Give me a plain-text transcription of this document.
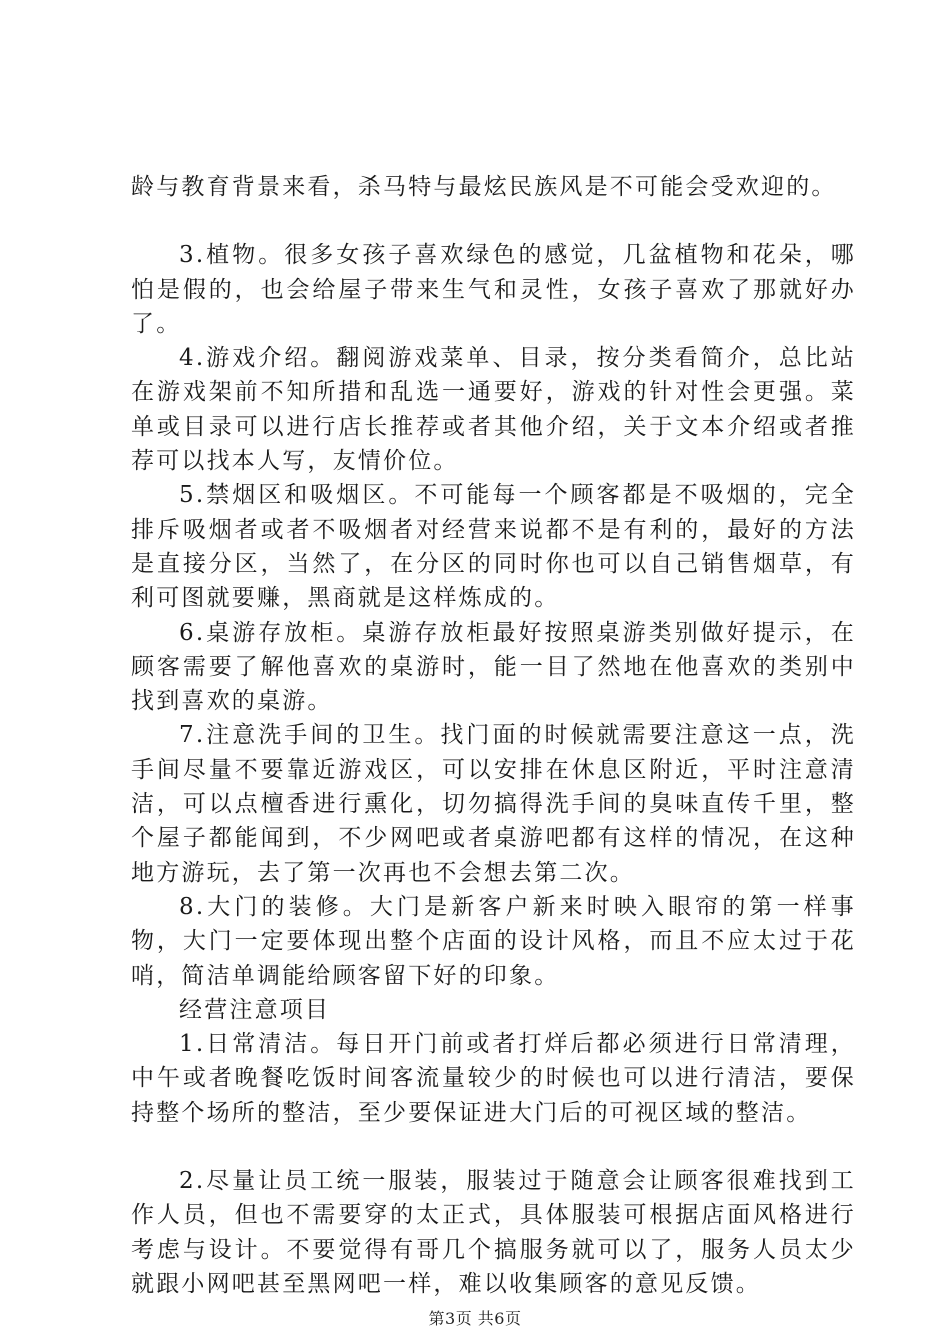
龄与教育背景来看，杀马特与最炫民族风是不可能会受欢迎的。

3.植物。很多女孩子喜欢绿色的感觉，几盆植物和花朵，哪怕是假的，也会给屋子带来生气和灵性，女孩子喜欢了那就好办了。

4.游戏介绍。翻阅游戏菜单、目录，按分类看简介，总比站在游戏架前不知所措和乱选一通要好，游戏的针对性会更强。菜单或目录可以进行店长推荐或者其他介绍，关于文本介绍或者推荐可以找本人写，友情价位。

5.禁烟区和吸烟区。不可能每一个顾客都是不吸烟的，完全排斥吸烟者或者不吸烟者对经营来说都不是有利的，最好的方法是直接分区，当然了，在分区的同时你也可以自己销售烟草，有利可图就要赚，黑商就是这样炼成的。

6.桌游存放柜。桌游存放柜最好按照桌游类别做好提示，在顾客需要了解他喜欢的桌游时，能一目了然地在他喜欢的类别中找到喜欢的桌游。

7.注意洗手间的卫生。找门面的时候就需要注意这一点，洗手间尽量不要靠近游戏区，可以安排在休息区附近，平时注意清洁，可以点檀香进行熏化，切勿搞得洗手间的臭味直传千里，整个屋子都能闻到，不少网吧或者桌游吧都有这样的情况，在这种地方游玩，去了第一次再也不会想去第二次。

8.大门的装修。大门是新客户新来时映入眼帘的第一样事物，大门一定要体现出整个店面的设计风格，而且不应太过于花哨，简洁单调能给顾客留下好的印象。

经营注意项目

1.日常清洁。每日开门前或者打烊后都必须进行日常清理，中午或者晚餐吃饭时间客流量较少的时候也可以进行清洁，要保持整个场所的整洁，至少要保证进大门后的可视区域的整洁。

2.尽量让员工统一服装，服装过于随意会让顾客很难找到工作人员，但也不需要穿的太正式，具体服装可根据店面风格进行考虑与设计。不要觉得有哥几个搞服务就可以了，服务人员太少就跟小网吧甚至黑网吧一样，难以收集顾客的意见反馈。

第3页 共6页
